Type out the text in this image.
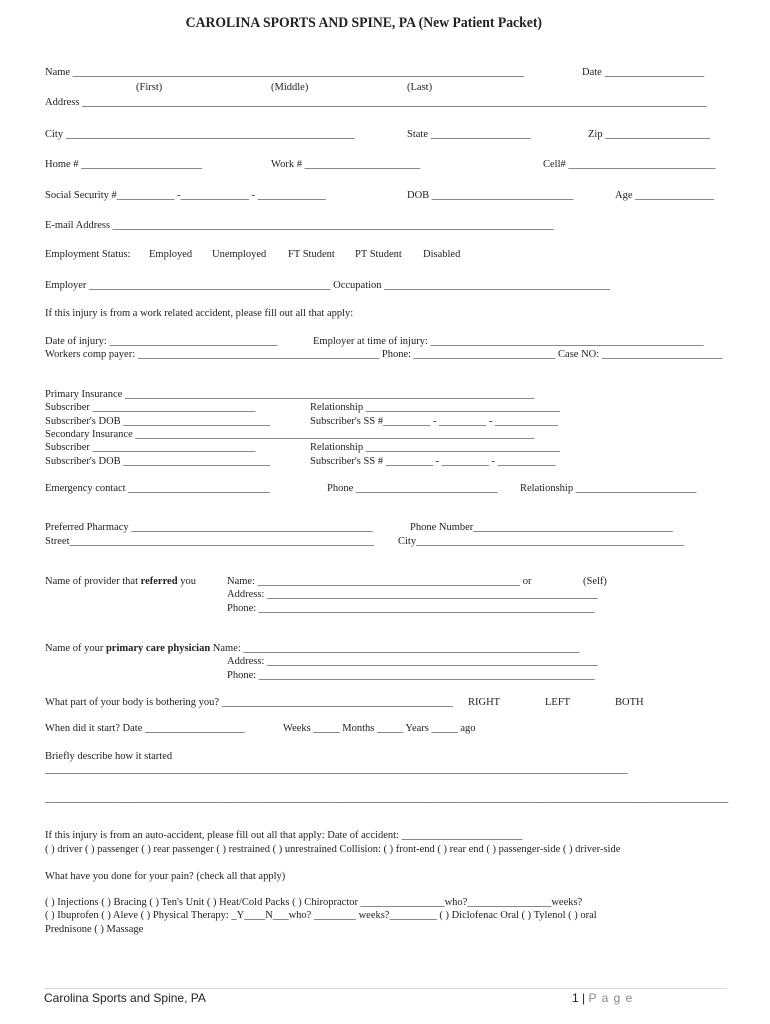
CAROLINA SPORTS AND SPINE, PA (New Patient Packet)
Name ______________________________________________________________________________________	Date ___________________
(First)	(Middle)	(Last)
Address _______________________________________________________________________________________________________________________
City _______________________________________________________	State ___________________	Zip ____________________
Home # _______________________	Work # ______________________	Cell# ____________________________
Social Security #___________ -_____________ - _____________	DOB ___________________________	Age _______________
E-mail Address ____________________________________________________________________________________
Employment Status: Employed Unemployed FT Student PT Student Disabled
Employer ______________________________________________ Occupation ___________________________________________
If this injury is from a work related accident, please fill out all that apply:
Date of injury: ________________________________	Employer at time of injury: ____________________________________________________
Workers comp payer: ______________________________________________ Phone: ___________________________ Case NO: _______________________
Primary Insurance ______________________________________________________________________________
Subscriber _______________________________	Relationship _____________________________________
Subscriber's DOB ____________________________	Subscriber's SS #_________ - _________ - ____________
Secondary Insurance ____________________________________________________________________________
Subscriber _______________________________	Relationship _____________________________________
Subscriber's DOB ____________________________	Subscriber's SS # _________ - _________ - ___________
Emergency contact ___________________________	Phone ___________________________ Relationship _______________________
Preferred Pharmacy ______________________________________________	Phone Number______________________________________
Street__________________________________________________________ City___________________________________________________
Name of provider that referred you	Name: __________________________________________________ or	(Self)
Address: _______________________________________________________________
Phone: ________________________________________________________________
Name of your primary care physician Name: ________________________________________________________________
Address: _______________________________________________________________
Phone: ________________________________________________________________
What part of your body is bothering you? ____________________________________________ RIGHT	LEFT	BOTH
When did it start? Date ___________________	Weeks _____ Months _____ Years _____ ago
Briefly describe how it started
_______________________________________________________________________________________________________________
________________________________________________________________________________________________________________________________________
If this injury is from an auto-accident, please fill out all that apply: Date of accident: _______________________
( ) driver ( ) passenger ( ) rear passenger ( ) restrained ( ) unrestrained Collision: ( ) front-end ( ) rear end ( ) passenger-side ( ) driver-side
What have you done for your pain? (check all that apply)
( ) Injections ( ) Bracing ( ) Ten's Unit ( ) Heat/Cold Packs ( ) Chiropractor ________________who?________________weeks?
( ) Ibuprofen ( ) Aleve ( ) Physical Therapy: _Y____N___who? ________ weeks?_________ ( ) Diclofenac Oral ( ) Tylenol ( ) oral
Prednisone ( ) Massage
Carolina Sports and Spine, PA	1 | P a g e
